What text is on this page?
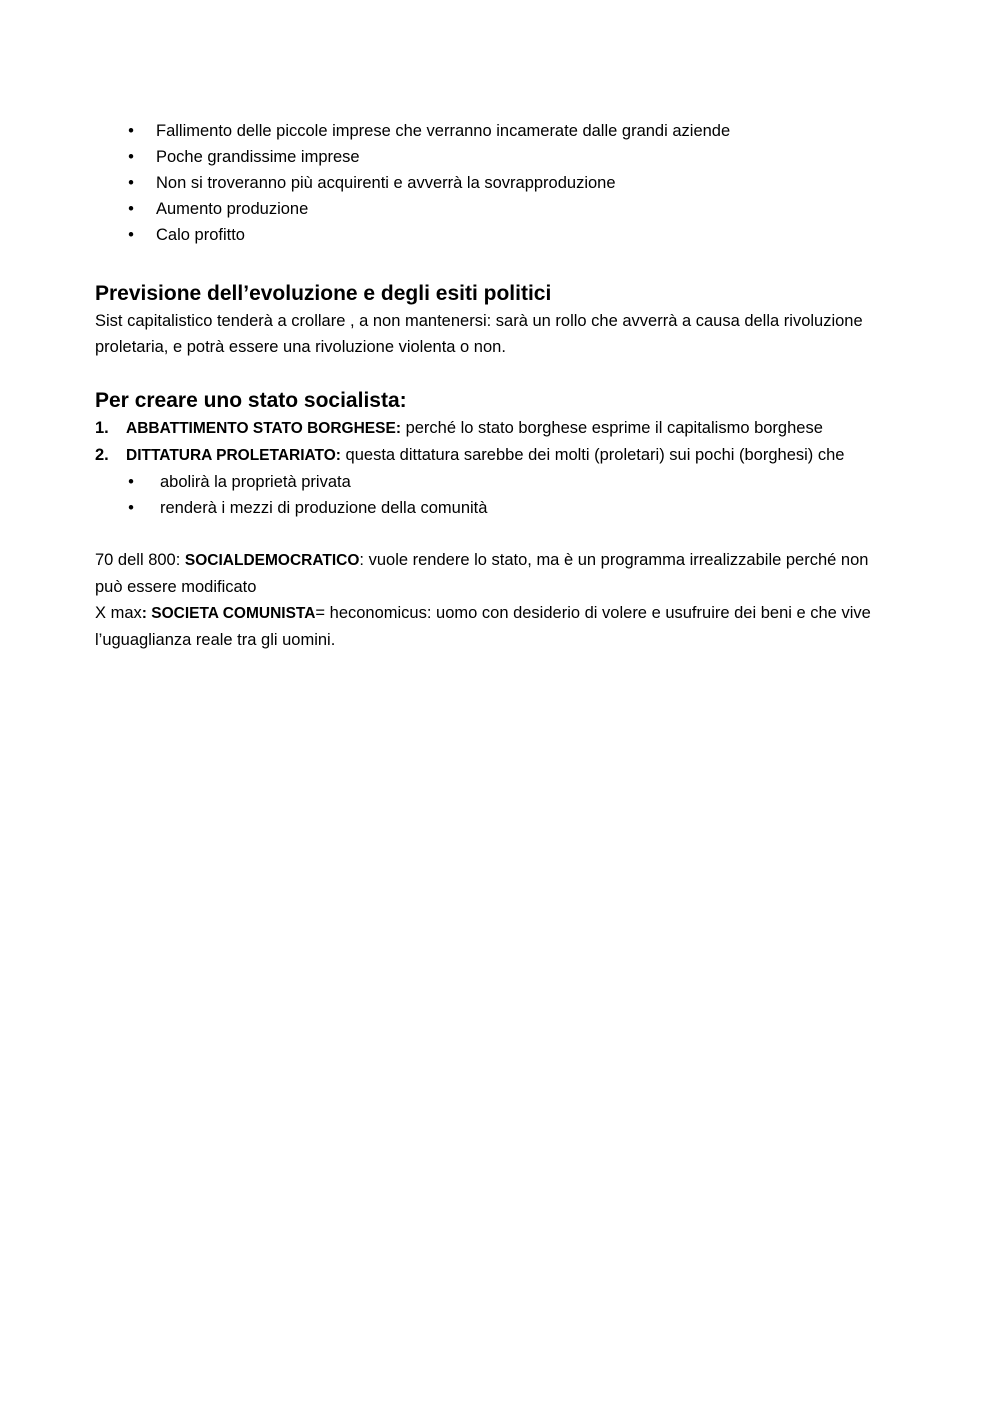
• Fallimento delle piccole imprese che verranno incamerate dalle grandi aziende
• Poche grandissime imprese
• Non si troveranno più acquirenti e avverrà la sovrapproduzione
• Aumento produzione
• Calo profitto
Previsione dell’evoluzione e degli esiti politici

Sist capitalistico tenderà a crollare , a non mantenersi: sarà un rollo che avverrà a causa della rivoluzione proletaria, e potrà essere una rivoluzione violenta o non.

Per creare uno stato socialista:
1. ABBATTIMENTO STATO BORGHESE: perché lo stato borghese esprime il capitalismo borghese
2. DITTATURA PROLETARIATO: questa dittatura sarebbe dei molti (proletari) sui pochi (borghesi) che
• abolirà la proprietà privata
• renderà i mezzi di produzione della comunità

70 dell 800: SOCIALDEMOCRATICO: vuole rendere lo stato, ma è un programma irrealizzabile perché non può essere modificato

X max: SOCIETA COMUNISTA= heconomicus: uomo con desiderio di volere e usufruire dei beni e che vive l’uguaglianza reale tra gli uomini.
